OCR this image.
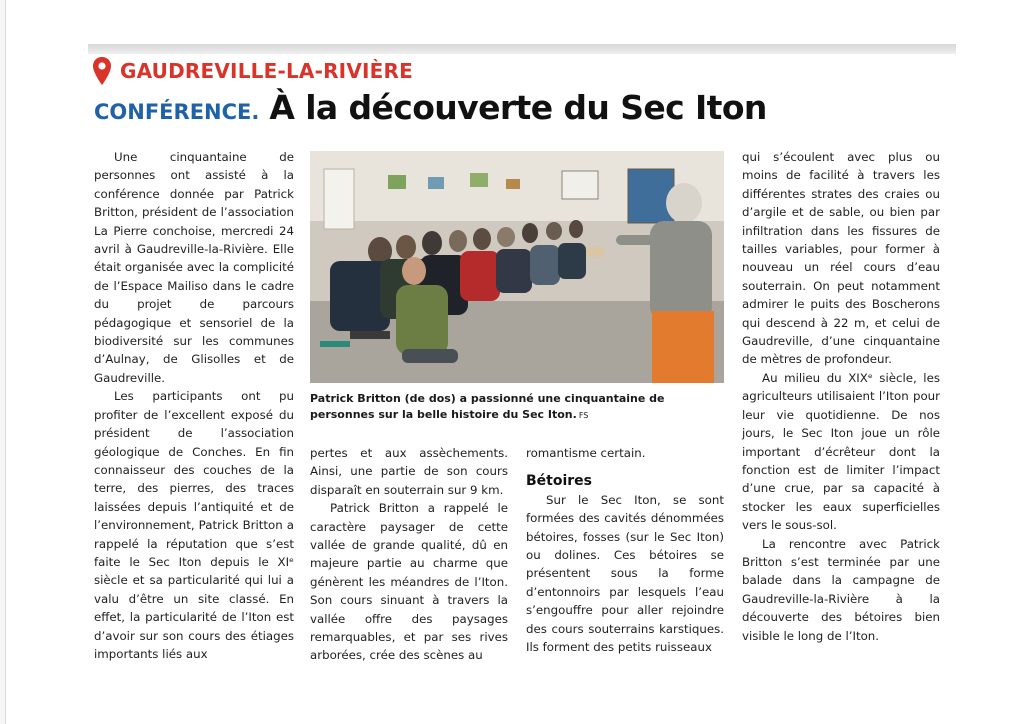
GAUDREVILLE-LA-RIVIÈRE
CONFÉRENCE. À la découverte du Sec Iton

Une cinquantaine de personnes ont assisté à la conférence donnée par Patrick Britton, président de l’association La Pierre conchoise, mercredi 24 avril à Gaudreville-la-Rivière. Elle était organisée avec la complicité de l’Espace Mailiso dans le cadre du projet de parcours pédagogique et sensoriel de la biodiversité sur les communes d’Aulnay, de Glisolles et de Gaudreville.

Les participants ont pu profiter de l’excellent exposé du président de l’association géologique de Conches. En fin connaisseur des couches de la terre, des pierres, des traces laissées depuis l’antiquité et de l’environnement, Patrick Britton a rappelé la réputation que s’est faite le Sec Iton depuis le XIᵉ siècle et sa particularité qui lui a valu d’être un site classé. En effet, la particularité de l’Iton est d’avoir sur son cours des étiages importants liés aux

Patrick Britton (de dos) a passionné une cinquantaine de personnes sur la belle histoire du Sec Iton. FS

pertes et aux assèchements. Ainsi, une partie de son cours disparaît en souterrain sur 9 km.

Patrick Britton a rappelé le caractère paysager de cette vallée de grande qualité, dû en majeure partie au charme que génèrent les méandres de l’Iton. Son cours sinuant à travers la vallée offre des paysages remarquables, et par ses rives arborées, crée des scènes au

romantisme certain.

Bétoires

Sur le Sec Iton, se sont formées des cavités dénommées bétoires, fosses (sur le Sec Iton) ou dolines. Ces bétoires se présentent sous la forme d’entonnoirs par lesquels l’eau s’engouffre pour aller rejoindre des cours souterrains karstiques. Ils forment des petits ruisseaux

qui s’écoulent avec plus ou moins de facilité à travers les différentes strates des craies ou d’argile et de sable, ou bien par infiltration dans les fissures de tailles variables, pour former à nouveau un réel cours d’eau souterrain. On peut notamment admirer le puits des Boscherons qui descend à 22 m, et celui de Gaudreville, d’une cinquantaine de mètres de profondeur.

Au milieu du XIXᵉ siècle, les agriculteurs utilisaient l’Iton pour leur vie quotidienne. De nos jours, le Sec Iton joue un rôle important d’écrêteur dont la fonction est de limiter l’impact d’une crue, par sa capacité à stocker les eaux superficielles vers le sous-sol.

La rencontre avec Patrick Britton s’est terminée par une balade dans la campagne de Gaudreville-la-Rivière à la découverte des bétoires bien visible le long de l’Iton.
